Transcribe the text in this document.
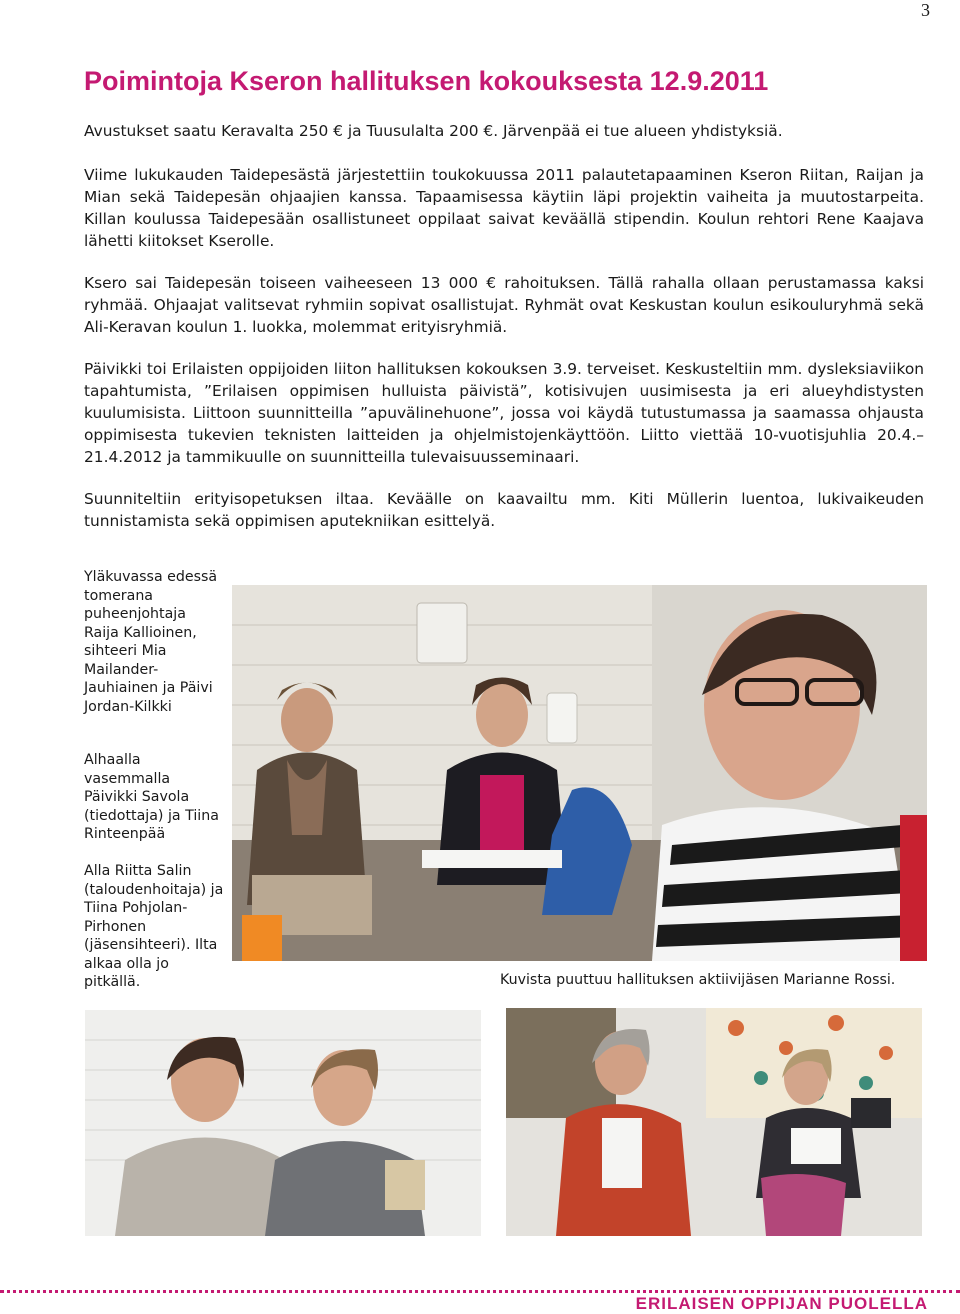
3
Poimintoja Kseron hallituksen kokouksesta 12.9.2011

Avustukset saatu Keravalta 250 € ja Tuusulalta 200 €. Järvenpää ei tue alueen yhdistyksiä.

Viime lukukauden Taidepesästä järjestettiin toukokuussa 2011 palautetapaaminen Kseron Riitan, Raijan ja Mian sekä Taidepesän ohjaajien kanssa. Tapaamisessa käytiin läpi projektin vaiheita ja muutostarpeita. Killan koulussa Taidepesään osallistuneet oppilaat saivat keväällä stipendin. Koulun rehtori Rene Kaajava lähetti kiitokset Kserolle.

Ksero sai Taidepesän toiseen vaiheeseen 13 000 € rahoituksen. Tällä rahalla ollaan perustamassa kaksi ryhmää. Ohjaajat valitsevat ryhmiin sopivat osallistujat. Ryhmät ovat Keskustan koulun esikouluryhmä sekä Ali-Keravan koulun 1. luokka, molemmat erityisryhmiä.

Päivikki toi Erilaisten oppijoiden liiton hallituksen kokouksen 3.9. terveiset. Keskusteltiin mm. dysleksiaviikon tapahtumista, ”Erilaisen oppimisen hulluista päivistä”, kotisivujen uusimisesta ja eri alueyhdistysten kuulumisista. Liittoon suunnitteilla ”apuvälinehuone”, jossa voi käydä tutustumassa ja saamassa ohjausta oppimisesta tukevien teknisten laitteiden ja ohjelmistojenkäyttöön. Liitto viettää 10-vuotisjuhlia 20.4.–21.4.2012 ja tammikuulle on suunnitteilla tulevaisuusseminaari.

Suunniteltiin erityisopetuksen iltaa. Keväälle on kaavailtu mm. Kiti Müllerin luentoa, lukivaikeuden tunnistamista sekä oppimisen aputekniikan esittelyä.

Yläkuvassa edessä tomerana puheenjohtaja Raija Kallioinen, sihteeri Mia Mailander-Jauhiainen ja Päivi Jordan-Kilkki

Alhaalla vasemmalla Päivikki Savola (tiedottaja) ja Tiina Rinteenpää

Alla Riitta Salin (taloudenhoitaja) ja Tiina Pohjolan-Pirhonen (jäsensihteeri). Ilta alkaa olla jo pitkällä.	Kuvista puuttuu hallituksen aktiivijäsen Marianne Rossi.

ERILAISEN OPPIJAN PUOLELLA
